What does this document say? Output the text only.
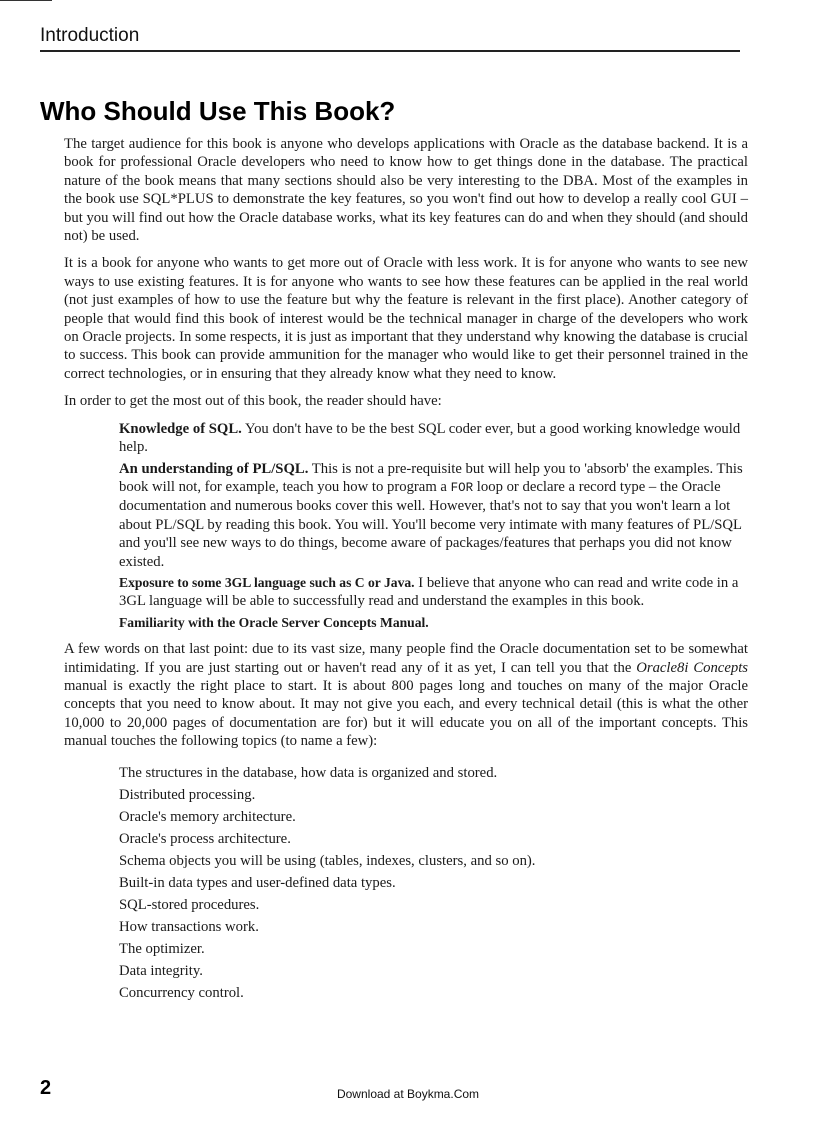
Introduction
Who Should Use This Book?

The target audience for this book is anyone who develops applications with Oracle as the database backend. It is a book for professional Oracle developers who need to know how to get things done in the database. The practical nature of the book means that many sections should also be very interesting to the DBA. Most of the examples in the book use SQL*PLUS to demonstrate the key features, so you won't find out how to develop a really cool GUI – but you will find out how the Oracle database works, what its key features can do and when they should (and should not) be used.

It is a book for anyone who wants to get more out of Oracle with less work. It is for anyone who wants to see new ways to use existing features. It is for anyone who wants to see how these features can be applied in the real world (not just examples of how to use the feature but why the feature is relevant in the first place). Another category of people that would find this book of interest would be the technical manager in charge of the developers who work on Oracle projects. In some respects, it is just as important that they understand why knowing the database is crucial to success. This book can provide ammunition for the manager who would like to get their personnel trained in the correct technologies, or in ensuring that they already know what they need to know.

In order to get the most out of this book, the reader should have:

Knowledge of SQL. You don't have to be the best SQL coder ever, but a good working knowledge would help.
An understanding of PL/SQL. This is not a pre-requisite but will help you to 'absorb' the examples. This book will not, for example, teach you how to program a FOR loop or declare a record type – the Oracle documentation and numerous books cover this well. However, that's not to say that you won't learn a lot about PL/SQL by reading this book. You will. You'll become very intimate with many features of PL/SQL and you'll see new ways to do things, become aware of packages/features that perhaps you did not know existed.
Exposure to some 3GL language such as C or Java. I believe that anyone who can read and write code in a 3GL language will be able to successfully read and understand the examples in this book.
Familiarity with the Oracle Server Concepts Manual.

A few words on that last point: due to its vast size, many people find the Oracle documentation set to be somewhat intimidating. If you are just starting out or haven't read any of it as yet, I can tell you that the Oracle8i Concepts manual is exactly the right place to start. It is about 800 pages long and touches on many of the major Oracle concepts that you need to know about. It may not give you each, and every technical detail (this is what the other 10,000 to 20,000 pages of documentation are for) but it will educate you on all of the important concepts. This manual touches the following topics (to name a few):

The structures in the database, how data is organized and stored.
Distributed processing.
Oracle's memory architecture.
Oracle's process architecture.
Schema objects you will be using (tables, indexes, clusters, and so on).
Built-in data types and user-defined data types.
SQL-stored procedures.
How transactions work.
The optimizer.
Data integrity.
Concurrency control.
2	Download at Boykma.Com
